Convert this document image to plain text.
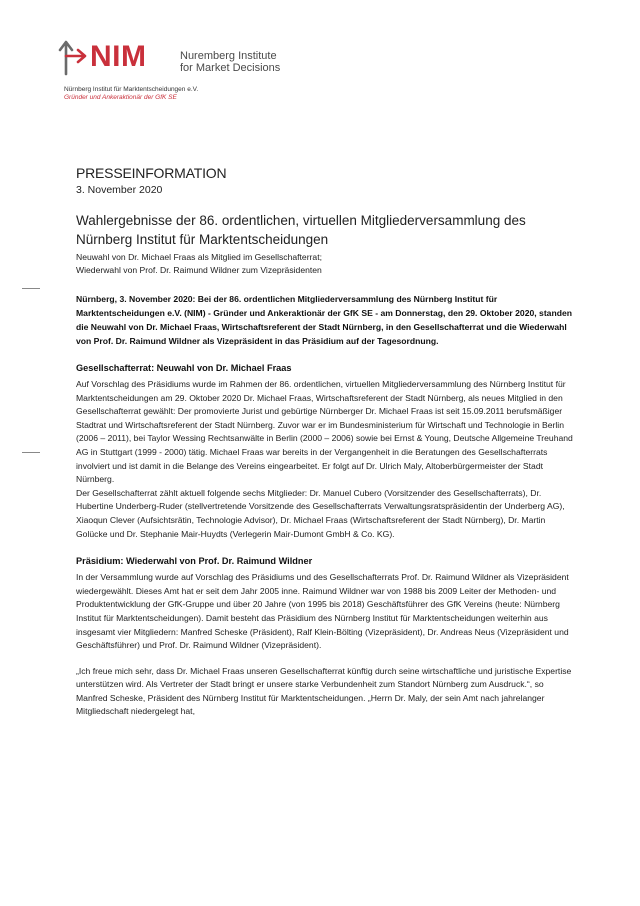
NIM	Nuremberg Institute
for Market Decisions
Nürnberg Institut für Marktentscheidungen e.V.
Gründer und Ankeraktionär der GfK SE

PRESSEINFORMATION

3. November 2020

Wahlergebnisse der 86. ordentlichen, virtuellen Mitgliederversammlung des
Nürnberg Institut für Marktentscheidungen

Neuwahl von Dr. Michael Fraas als Mitglied im Gesellschafterrat;
Wiederwahl von Prof. Dr. Raimund Wildner zum Vizepräsidenten

Nürnberg, 3. November 2020: Bei der 86. ordentlichen Mitgliederversammlung des Nürnberg Institut für Marktentscheidungen e.V. (NIM) - Gründer und Ankeraktionär der GfK SE - am Donnerstag, den 29. Oktober 2020, standen die Neuwahl von Dr. Michael Fraas, Wirtschaftsreferent der Stadt Nürnberg, in den Gesellschafterrat und die Wiederwahl von Prof. Dr. Raimund Wildner als Vizepräsident in das Präsidium auf der Tagesordnung.

Gesellschafterrat: Neuwahl von Dr. Michael Fraas

Auf Vorschlag des Präsidiums wurde im Rahmen der 86. ordentlichen, virtuellen Mitgliederversammlung des Nürnberg Institut für Marktentscheidungen am 29. Oktober 2020 Dr. Michael Fraas, Wirtschaftsreferent der Stadt Nürnberg, als neues Mitglied in den Gesellschafterrat gewählt: Der promovierte Jurist und gebürtige Nürnberger Dr. Michael Fraas ist seit 15.09.2011 berufsmäßiger Stadtrat und Wirtschaftsreferent der Stadt Nürnberg. Zuvor war er im Bundesministerium für Wirtschaft und Technologie in Berlin (2006 – 2011), bei Taylor Wessing Rechtsanwälte in Berlin (2000 – 2006) sowie bei Ernst & Young, Deutsche Allgemeine Treuhand AG in Stuttgart (1999 - 2000) tätig. Michael Fraas war bereits in der Vergangenheit in die Beratungen des Gesellschafterrats involviert und ist damit in die Belange des Vereins eingearbeitet. Er folgt auf Dr. Ulrich Maly, Altoberbürgermeister der Stadt Nürnberg.

Der Gesellschafterrat zählt aktuell folgende sechs Mitglieder: Dr. Manuel Cubero (Vorsitzender des Gesellschafterrats), Dr. Hubertine Underberg-Ruder (stellvertretende Vorsitzende des Gesellschafterrats Verwaltungsratspräsidentin der Underberg AG), Xiaoqun Clever (Aufsichtsrätin, Technologie Advisor), Dr. Michael Fraas (Wirtschaftsreferent der Stadt Nürnberg), Dr. Martin Golücke und Dr. Stephanie Mair-Huydts (Verlegerin Mair-Dumont GmbH & Co. KG).

Präsidium: Wiederwahl von Prof. Dr. Raimund Wildner

In der Versammlung wurde auf Vorschlag des Präsidiums und des Gesellschafterrats Prof. Dr. Raimund Wildner als Vizepräsident wiedergewählt. Dieses Amt hat er seit dem Jahr 2005 inne. Raimund Wildner war von 1988 bis 2009 Leiter der Methoden- und Produktentwicklung der GfK-Gruppe und über 20 Jahre (von 1995 bis 2018) Geschäftsführer des GfK Vereins (heute: Nürnberg Institut für Marktentscheidungen). Damit besteht das Präsidium des Nürnberg Institut für Marktentscheidungen weiterhin aus insgesamt vier Mitgliedern: Manfred Scheske (Präsident), Ralf Klein-Bölting (Vizepräsident), Dr. Andreas Neus (Vizepräsident und Geschäftsführer) und Prof. Dr. Raimund Wildner (Vizepräsident).

„Ich freue mich sehr, dass Dr. Michael Fraas unseren Gesellschafterrat künftig durch seine wirtschaftliche und juristische Expertise unterstützen wird. Als Vertreter der Stadt bringt er unsere starke Verbundenheit zum Standort Nürnberg zum Ausdruck.“, so Manfred Scheske, Präsident des Nürnberg Institut für Marktentscheidungen. „Herrn Dr. Maly, der sein Amt nach jahrelanger Mitgliedschaft niedergelegt hat,
